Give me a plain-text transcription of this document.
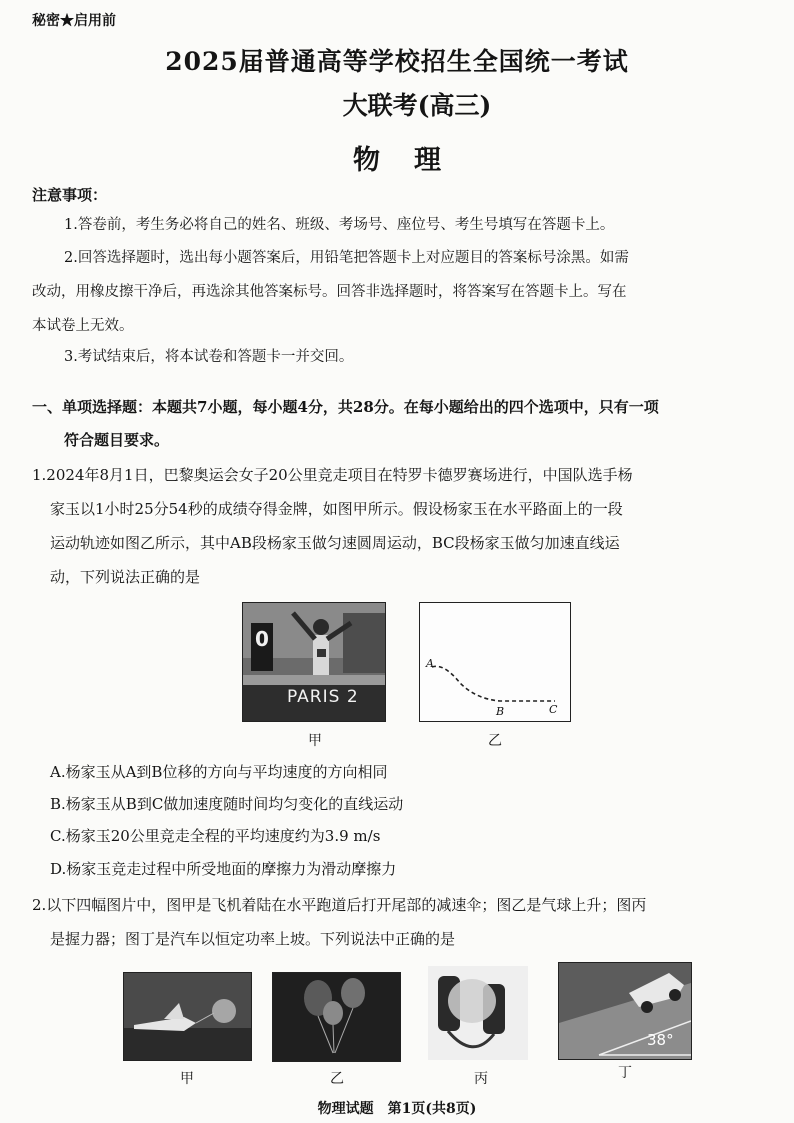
秘密★启用前
2025届普通高等学校招生全国统一考试
大联考(高三)
物理
注意事项：
1.答卷前，考生务必将自己的姓名、班级、考场号、座位号、考生号填写在答题卡上。
2.回答选择题时，选出每小题答案后，用铅笔把答题卡上对应题目的答案标号涂黑。如需
改动，用橡皮擦干净后，再选涂其他答案标号。回答非选择题时，将答案写在答题卡上。写在
本试卷上无效。
3.考试结束后，将本试卷和答题卡一并交回。
一、单项选择题：本题共7小题，每小题4分，共28分。在每小题给出的四个选项中，只有一项
符合题目要求。
1.2024年8月1日，巴黎奥运会女子20公里竞走项目在特罗卡德罗赛场进行，中国队选手杨
家玉以1小时25分54秒的成绩夺得金牌，如图甲所示。假设杨家玉在水平路面上的一段
运动轨迹如图乙所示，其中AB段杨家玉做匀速圆周运动，BC段杨家玉做匀加速直线运
动，下列说法正确的是
0
PARIS 2
甲
A
B	C
乙
A.杨家玉从A到B位移的方向与平均速度的方向相同
B.杨家玉从B到C做加速度随时间均匀变化的直线运动
C.杨家玉20公里竞走全程的平均速度约为3.9 m/s
D.杨家玉竞走过程中所受地面的摩擦力为滑动摩擦力
2.以下四幅图片中，图甲是飞机着陆在水平跑道后打开尾部的减速伞；图乙是气球上升；图丙
是握力器；图丁是汽车以恒定功率上坡。下列说法中正确的是
38°
甲	乙	丙	丁
物理试题　第1页(共8页)
